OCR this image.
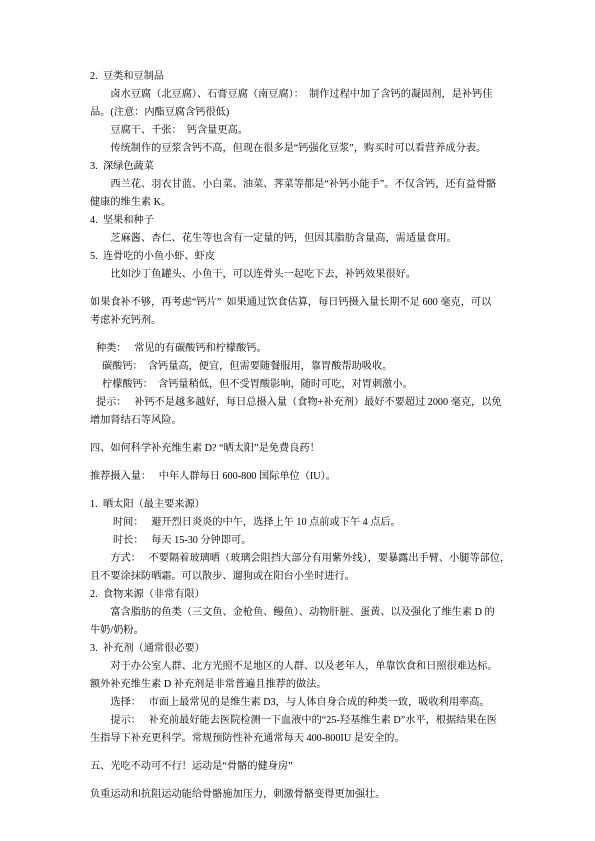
2. 豆类和豆制品
卤水豆腐（北豆腐）、石膏豆腐（南豆腐）：  制作过程中加了含钙的凝固剂，是补钙佳
品。(注意：内酯豆腐含钙很低)
豆腐干、千张：  钙含量更高。
传统制作的豆浆含钙不高，但现在很多是“钙强化豆浆”，购买时可以看营养成分表。
3. 深绿色蔬菜
西兰花、羽衣甘蓝、小白菜、油菜、荠菜等都是“补钙小能手”。不仅含钙，还有益骨骼
健康的维生素 K。
4. 坚果和种子
芝麻酱、杏仁、花生等也含有一定量的钙，但因其脂肪含量高，需适量食用。
5. 连骨吃的小鱼小虾、虾皮
比如沙丁鱼罐头、小鱼干，可以连骨头一起吃下去，补钙效果很好。
如果食补不够，再考虑“钙片”  如果通过饮食估算，每日钙摄入量长期不足 600 毫克，可以
考虑补充钙剂。
种类：   常见的有碳酸钙和柠檬酸钙。
碳酸钙：  含钙量高，便宜，但需要随餐服用，靠胃酸帮助吸收。
柠檬酸钙：  含钙量稍低，但不受胃酸影响，随时可吃，对胃刺激小。
提示：   补钙不是越多越好，每日总摄入量（食物+补充剂）最好不要超过 2000 毫克，以免
增加肾结石等风险。
四、如何科学补充维生素 D? “晒太阳”是免费良药！
推荐摄入量：   中年人群每日 600-800 国际单位（IU）。
1. 晒太阳（最主要来源）
时间：   避开烈日炎炎的中午，选择上午 10 点前或下午 4 点后。
时长：   每天 15-30 分钟即可。
方式：   不要隔着玻璃晒（玻璃会阻挡大部分有用紫外线），要暴露出手臂、小腿等部位，
且不要涂抹防晒霜。可以散步、遛狗或在阳台小坐时进行。
2. 食物来源（非常有限）
富含脂肪的鱼类（三文鱼、金枪鱼、鳗鱼）、动物肝脏、蛋黄、以及强化了维生素 D 的
牛奶/奶粉。
3. 补充剂（通常很必要）
对于办公室人群、北方光照不足地区的人群、以及老年人，单靠饮食和日照很难达标。
额外补充维生素 D 补充剂是非常普遍且推荐的做法。
选择：   市面上最常见的是维生素 D3，与人体自身合成的种类一致，吸收利用率高。
提示：   补充前最好能去医院检测一下血液中的“25-羟基维生素 D”水平，根据结果在医
生指导下补充更科学。常规预防性补充通常每天 400-800IU 是安全的。
五、光吃不动可不行！运动是“骨骼的健身房”
负重运动和抗阻运动能给骨骼施加压力，刺激骨骼变得更加强壮。
